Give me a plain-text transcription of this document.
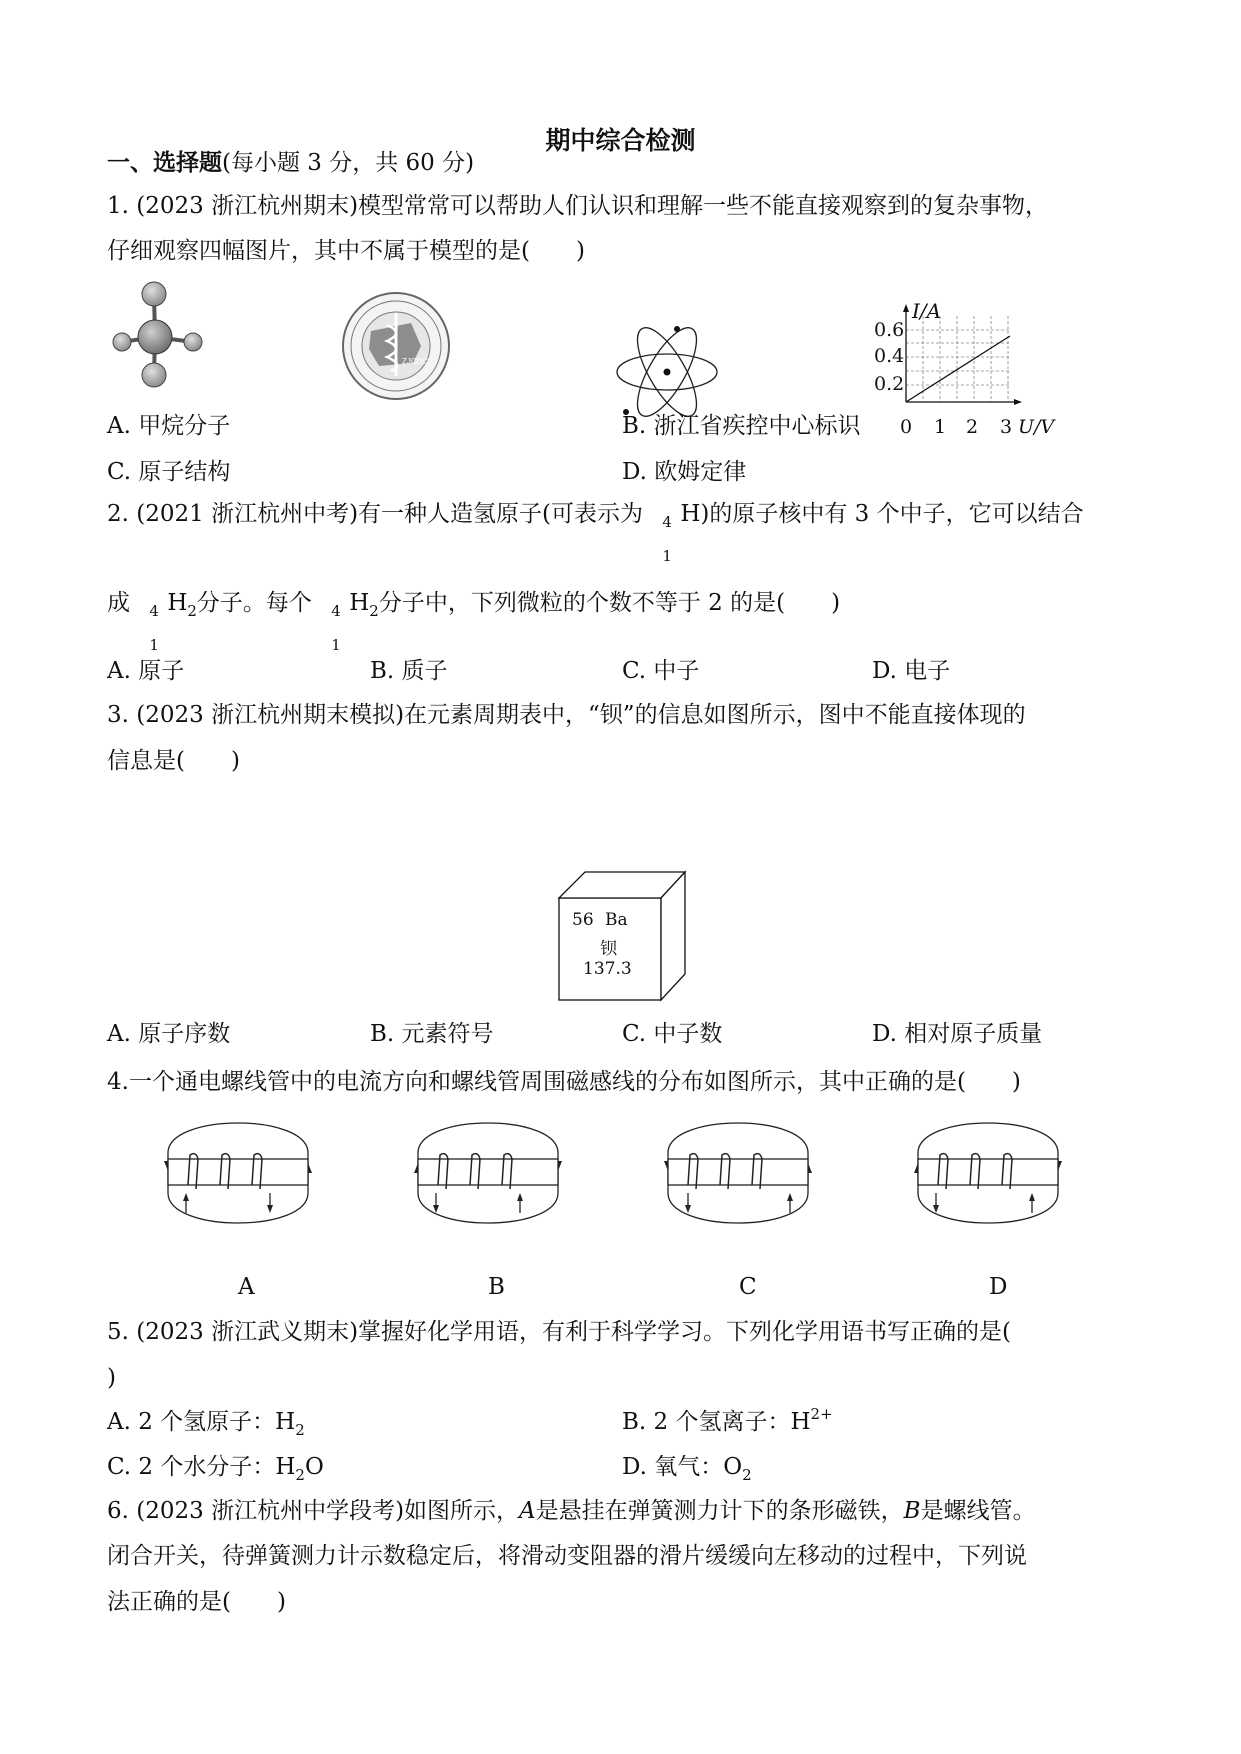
期中综合检测
一、选择题(每小题 3 分，共 60 分)
1. (2023 浙江杭州期末)模型常常可以帮助人们认识和理解一些不能直接观察到的复杂事物，
仔细观察四幅图片，其中不属于模型的是(　　)
ZJCDC
· · · · · · · ·	I/A
0.6
0.4
0.2
0 1 2 3 U/V
A. 甲烷分子	B. 浙江省疾控中心标识
C. 原子结构	D. 欧姆定律
2. (2021 浙江杭州中考)有一种人造氢原子(可表示为 4
1
H)的原子核中有 3 个中子，它可以结合
成 4
1
$H_2$分子。每个 4
1
$H_2$分子中，下列微粒的个数不等于 2 的是(　　)
A. 原子	B. 质子	C. 中子	D. 电子
3. (2023 浙江杭州期末模拟)在元素周期表中，“钡”的信息如图所示，图中不能直接体现的
信息是(　　)
56 Ba
钡
137.3
A. 原子序数	B. 元素符号	C. 中子数	D. 相对原子质量
4.一个通电螺线管中的电流方向和螺线管周围磁感线的分布如图所示，其中正确的是(　　)
A	B	C	D
5. (2023 浙江武义期末)掌握好化学用语，有利于科学学习。下列化学用语书写正确的是(
)
A. 2 个氢原子：$H_2$	B. 2 个氢离子：$H^{2+}$
C. 2 个水分子：$H_2O$	D. 氧气：$O_2$
6. (2023 浙江杭州中学段考)如图所示，A是悬挂在弹簧测力计下的条形磁铁，B是螺线管。
闭合开关，待弹簧测力计示数稳定后，将滑动变阻器的滑片缓缓向左移动的过程中，下列说
法正确的是(　　)
